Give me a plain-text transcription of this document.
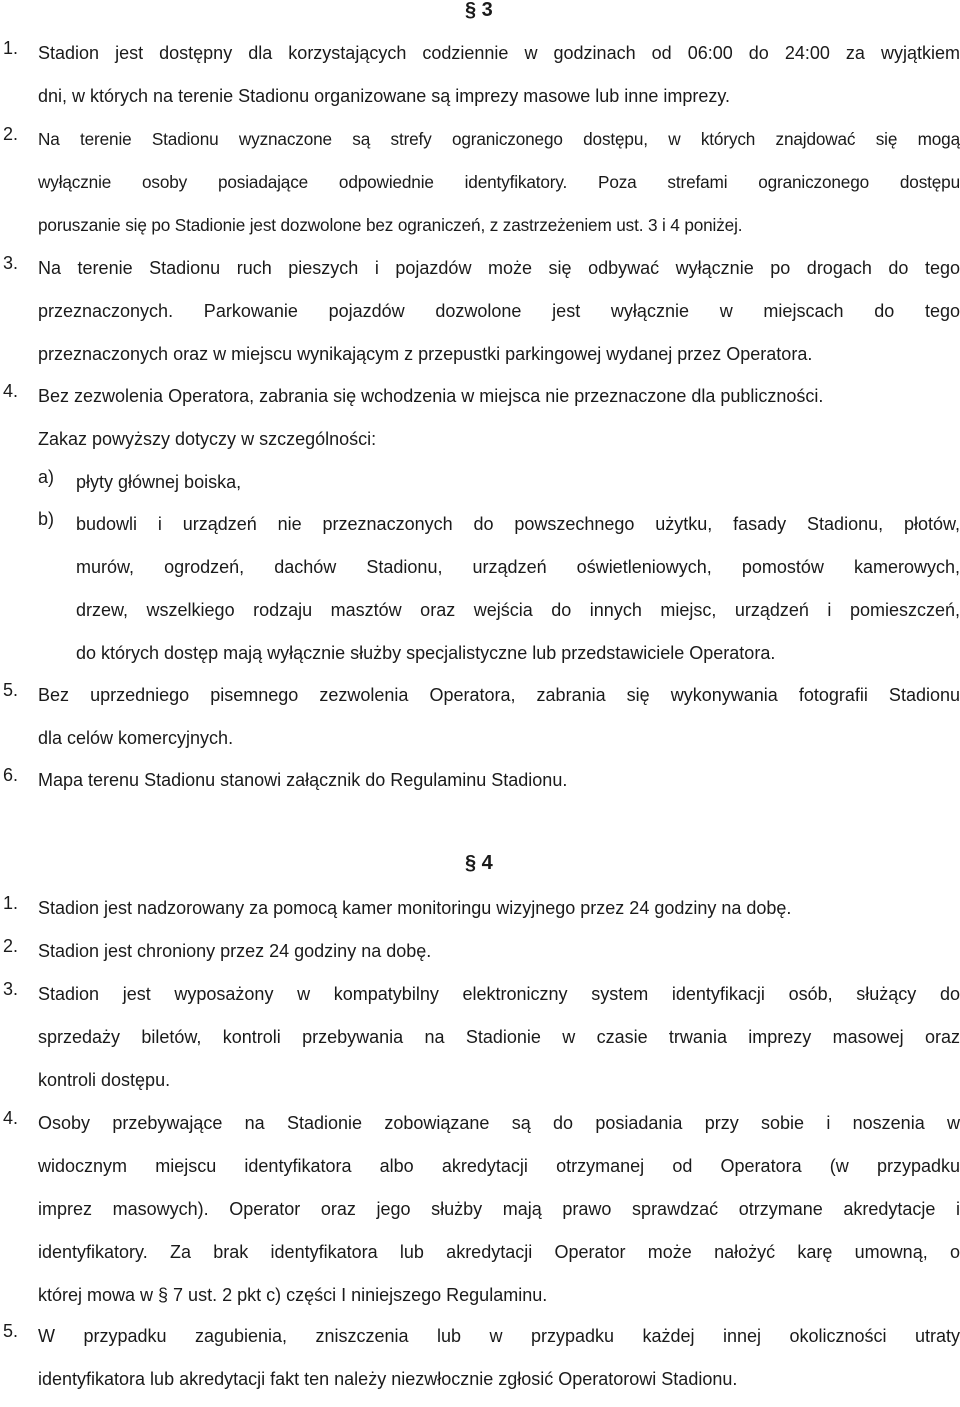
§ 3
1. Stadion jest dostępny dla korzystających codziennie w godzinach od 06:00 do 24:00 za wyjątkiem
dni, w których na terenie Stadionu organizowane są imprezy masowe lub inne imprezy.
2. Na terenie Stadionu wyznaczone są strefy ograniczonego dostępu, w których znajdować się mogą
wyłącznie osoby posiadające odpowiednie identyfikatory. Poza strefami ograniczonego dostępu
poruszanie się po Stadionie jest dozwolone bez ograniczeń, z zastrzeżeniem ust. 3 i 4 poniżej.
3. Na terenie Stadionu ruch pieszych i pojazdów może się odbywać wyłącznie po drogach do tego
przeznaczonych. Parkowanie pojazdów dozwolone jest wyłącznie w miejscach do tego
przeznaczonych oraz w miejscu wynikającym z przepustki parkingowej wydanej przez Operatora.
4. Bez zezwolenia Operatora, zabrania się wchodzenia w miejsca nie przeznaczone dla publiczności.
Zakaz powyższy dotyczy w szczególności:
a) płyty głównej boiska,
b) budowli i urządzeń nie przeznaczonych do powszechnego użytku, fasady Stadionu, płotów,
murów, ogrodzeń, dachów Stadionu, urządzeń oświetleniowych, pomostów kamerowych,
drzew, wszelkiego rodzaju masztów oraz wejścia do innych miejsc, urządzeń i pomieszczeń,
do których dostęp mają wyłącznie służby specjalistyczne lub przedstawiciele Operatora.
5. Bez uprzedniego pisemnego zezwolenia Operatora, zabrania się wykonywania fotografii Stadionu
dla celów komercyjnych.
6. Mapa terenu Stadionu stanowi załącznik do Regulaminu Stadionu.
§ 4
1. Stadion jest nadzorowany za pomocą kamer monitoringu wizyjnego przez 24 godziny na dobę.
2. Stadion jest chroniony przez 24 godziny na dobę.
3. Stadion jest wyposażony w kompatybilny elektroniczny system identyfikacji osób, służący do
sprzedaży biletów, kontroli przebywania na Stadionie w czasie trwania imprezy masowej oraz
kontroli dostępu.
4. Osoby przebywające na Stadionie zobowiązane są do posiadania przy sobie i noszenia w
widocznym miejscu identyfikatora albo akredytacji otrzymanej od Operatora (w przypadku
imprez masowych). Operator oraz jego służby mają prawo sprawdzać otrzymane akredytacje i
identyfikatory. Za brak identyfikatora lub akredytacji Operator może nałożyć karę umowną, o
której mowa w § 7 ust. 2 pkt c) części I niniejszego Regulaminu.
5. W przypadku zagubienia, zniszczenia lub w przypadku każdej innej okoliczności utraty
identyfikatora lub akredytacji fakt ten należy niezwłocznie zgłosić Operatorowi Stadionu.
